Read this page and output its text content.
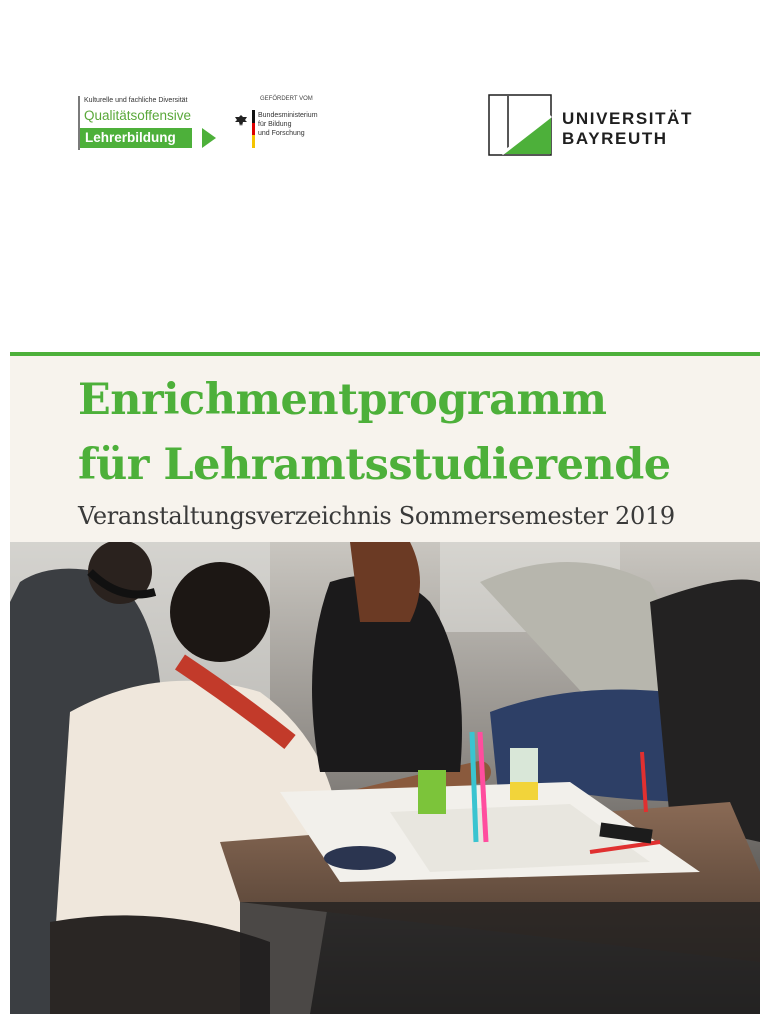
Kulturelle und fachliche Diversität
Qualitätsoffensive
Lehrerbildung
GEFÖRDERT VOM
Bundesministerium
für Bildung
und Forschung
UNIVERSITÄT
BAYREUTH
Enrichmentprogramm
für Lehramtsstudierende
Veranstaltungsverzeichnis Sommersemester 2019
